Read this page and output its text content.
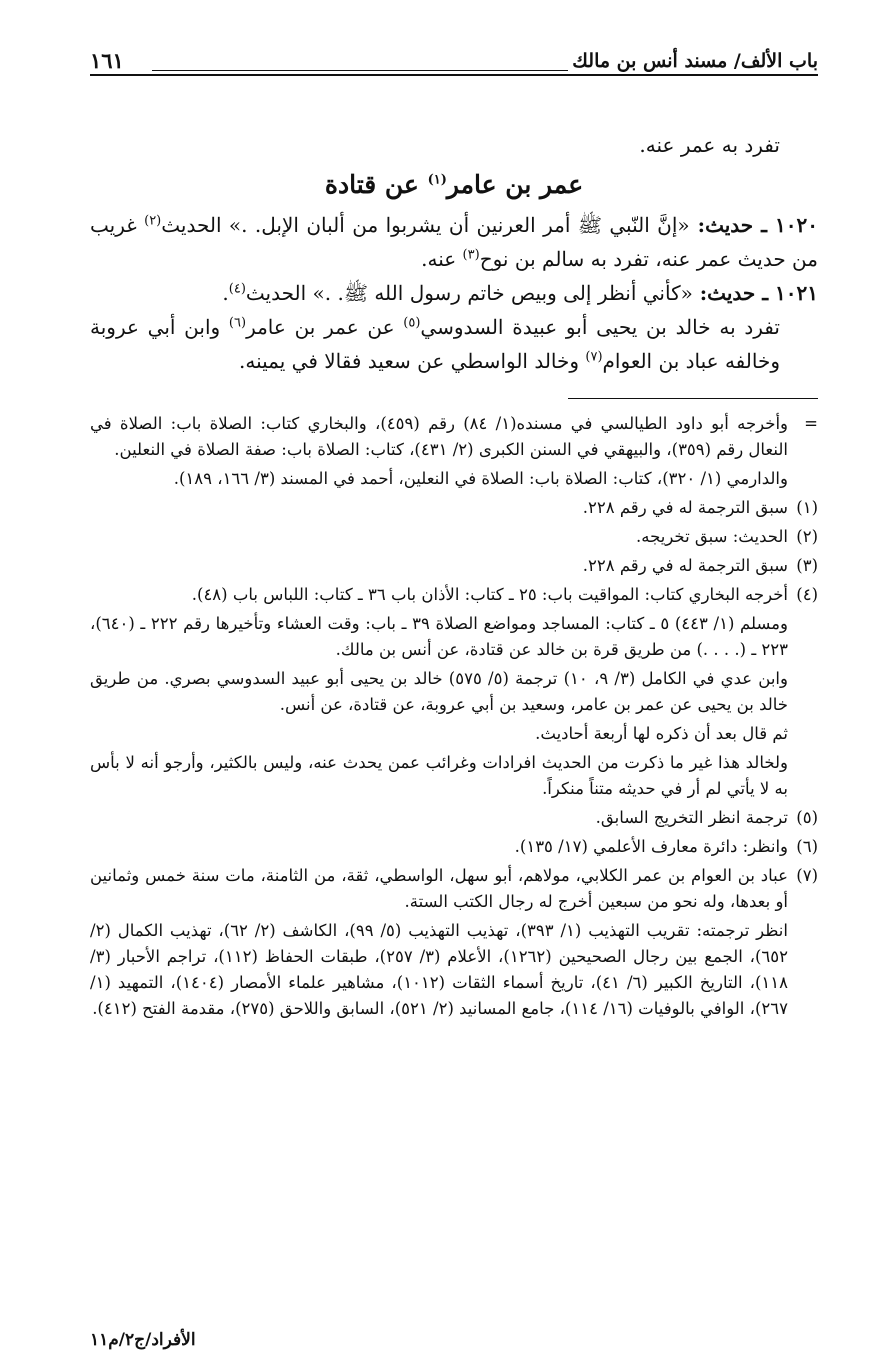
باب الألف/ مسند أنس بن مالك
١٦١

تفرد به عمر عنه.

عمر بن عامر$^{(١)}$ عن قتادة

١٠٢٠ ـ حديث: «إنَّ النّبي ﷺ أمر العرنين أن يشربوا من ألبان الإبل. .» الحديث$^{(٢)}$ غريب من حديث عمر عنه، تفرد به سالم بن نوح$^{(٣)}$ عنه.

١٠٢١ ـ حديث: «كأني أنظر إلى وبيص خاتم رسول الله ﷺ. .» الحديث$^{(٤)}$.

تفرد به خالد بن يحيى أبو عبيدة السدوسي$^{(٥)}$ عن عمر بن عامر$^{(٦)}$ وابن أبي عروبة وخالفه عباد بن العوام$^{(٧)}$ وخالد الواسطي عن سعيد فقالا في يمينه.

=
وأخرجه أبو داود الطيالسي في مسنده(١/ ٨٤) رقم (٤٥٩)، والبخاري كتاب: الصلاة باب: الصلاة في النعال رقم (٣٥٩)، والبيهقي في السنن الكبرى (٢/ ٤٣١)، كتاب: الصلاة باب: صفة الصلاة في النعلين.
والدارمي (١/ ٣٢٠)، كتاب: الصلاة باب: الصلاة في النعلين، أحمد في المسند (٣/ ١٦٦، ١٨٩).
(١)
سبق الترجمة له في رقم ٢٢٨.
(٢)
الحديث: سبق تخريجه.
(٣)
سبق الترجمة له في رقم ٢٢٨.
(٤)
أخرجه البخاري كتاب: المواقيت باب: ٢٥ ـ كتاب: الأذان باب ٣٦ ـ كتاب: اللباس باب (٤٨).
ومسلم (١/ ٤٤٣) ٥ ـ كتاب: المساجد ومواضع الصلاة ٣٩ ـ باب: وقت العشاء وتأخيرها رقم ٢٢٢ ـ (٦٤٠)، ٢٢٣ ـ (. . . .) من طريق قرة بن خالد عن قتادة، عن أنس بن مالك.
وابن عدي في الكامل (٣/ ٩، ١٠) ترجمة (٥/ ٥٧٥) خالد بن يحيى أبو عبيد السدوسي بصري. من طريق خالد بن يحيى عن عمر بن عامر، وسعيد بن أبي عروبة، عن قتادة، عن أنس.
ثم قال بعد أن ذكره لها أربعة أحاديث.
ولخالد هذا غير ما ذكرت من الحديث افرادات وغرائب عمن يحدث عنه، وليس بالكثير، وأرجو أنه لا بأس به لا يأتي لم أر في حديثه متناً منكراً.
(٥)
ترجمة انظر التخريج السابق.
(٦)
وانظر: دائرة معارف الأعلمي (١٧/ ١٣٥).
(٧)
عباد بن العوام بن عمر الكلابي، مولاهم، أبو سهل، الواسطي، ثقة، من الثامنة، مات سنة خمس وثمانين أو بعدها، وله نحو من سبعين أخرج له رجال الكتب الستة.
انظر ترجمته: تقريب التهذيب (١/ ٣٩٣)، تهذيب التهذيب (٥/ ٩٩)، الكاشف (٢/ ٦٢)، تهذيب الكمال (٢/ ٦٥٢)، الجمع بين رجال الصحيحين (١٢٦٢)، الأعلام (٣/ ٢٥٧)، طبقات الحفاظ (١١٢)، تراجم الأحبار (٣/ ١١٨)، التاريخ الكبير (٦/ ٤١)، تاريخ أسماء الثقات (١٠١٢)، مشاهير علماء الأمصار (١٤٠٤)، التمهيد (١/ ٢٦٧)، الوافي بالوفيات (١٦/ ١١٤)، جامع المسانيد (٢/ ٥٢١)، السابق واللاحق (٢٧٥)، مقدمة الفتح (٤١٢).
الأفراد/ج٢/م١١
